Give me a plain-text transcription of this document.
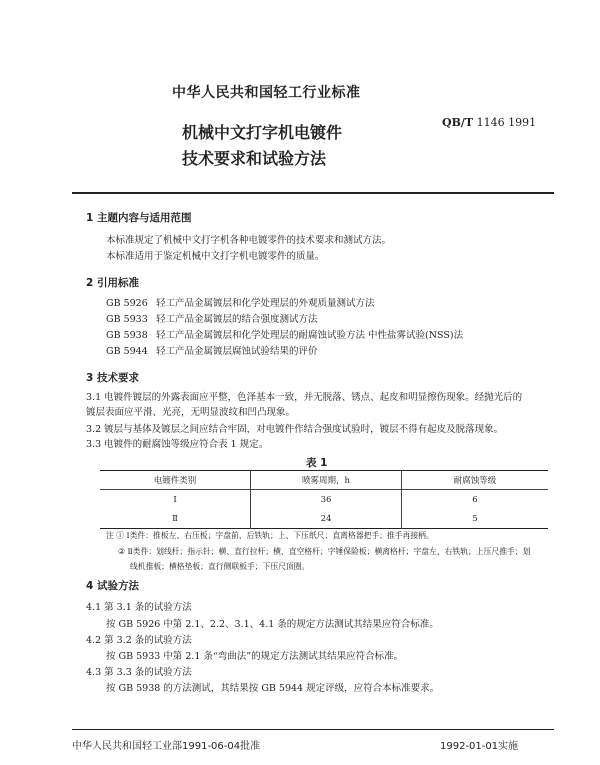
中华人民共和国轻工行业标准
QB/T 1146 1991
机械中文打字机电镀件
技术要求和试验方法
1 主题内容与适用范围
本标准规定了机械中文打字机各种电镀零件的技术要求和测试方法。
本标准适用于鉴定机械中文打字机电镀零件的质量。
2 引用标准
GB 5926 轻工产品金属镀层和化学处理层的外观质量测试方法
GB 5933 轻工产品金属镀层的结合强度测试方法
GB 5938 轻工产品金属镀层和化学处理层的耐腐蚀试验方法 中性盐雾试验(NSS)法
GB 5944 轻工产品金属镀层腐蚀试验结果的评价
3 技术要求
3.1 电镀件镀层的外露表面应平整，色泽基本一致，并无脱落、锈点、起皮和明显擦伤现象。经抛光后的
镀层表面应平滑、光亮，无明显波纹和凹凸现象。
3.2 镀层与基体及镀层之间应结合牢固，对电镀件作结合强度试验时，镀层不得有起皮及脱落现象。
3.3 电镀件的耐腐蚀等级应符合表 1 规定。
表 1
电镀件类别	喷雾周期，h	耐腐蚀等级
Ⅰ	36	6
Ⅱ	24	5
注 ① Ⅰ类件：推板左、右压板；字盘前、后铁轨；上、下压纸尺；直离格器把手；推手再接柄。
② Ⅱ类件：划线杆；指示针；横、直行拉杆；横、直空格杆；字锤保险板；横离格杆；字盘左、右铁轨；上压尺推手；划
线机推板；横格垫板；直行侧联板手；下压尺顶圈。
4 试验方法
4.1 第 3.1 条的试验方法
按 GB 5926 中第 2.1、2.2、3.1、4.1 条的规定方法测试其结果应符合标准。
4.2 第 3.2 条的试验方法
按 GB 5933 中第 2.1 条“弯曲法”的规定方法测试其结果应符合标准。
4.3 第 3.3 条的试验方法
按 GB 5938 的方法测试，其结果按 GB 5944 规定评级，应符合本标准要求。
中华人民共和国轻工业部1991-06-04批准	1992-01-01实施
